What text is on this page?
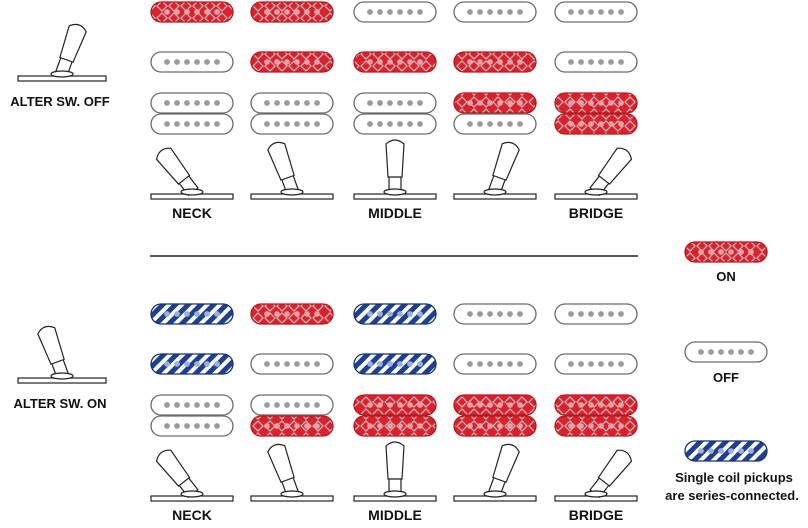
ALTER SW. OFF
ALTER SW. ON
NECK	MIDDLE	BRIDGE
NECK	MIDDLE	BRIDGE
ON
OFF
Single coil pickups
are series-connected.
